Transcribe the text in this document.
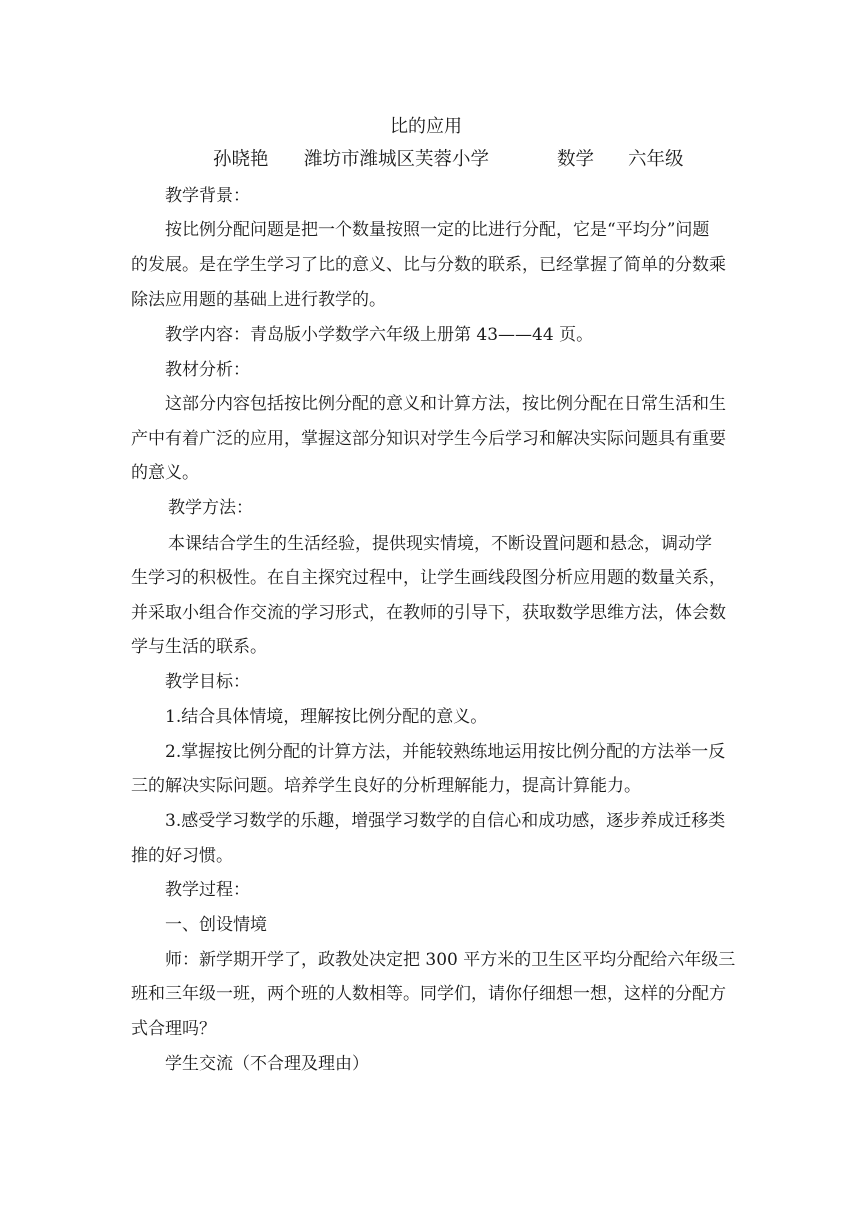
比的应用

孙晓艳 潍坊市潍城区芙蓉小学	数学 六年级

教学背景：

按比例分配问题是把一个数量按照一定的比进行分配，它是“平均分”问题

的发展。是在学生学习了比的意义、比与分数的联系，已经掌握了简单的分数乘

除法应用题的基础上进行教学的。

教学内容：青岛版小学数学六年级上册第 43——44 页。

教材分析：

这部分内容包括按比例分配的意义和计算方法，按比例分配在日常生活和生

产中有着广泛的应用，掌握这部分知识对学生今后学习和解决实际问题具有重要

的意义。

教学方法：

本课结合学生的生活经验，提供现实情境，不断设置问题和悬念，调动学

生学习的积极性。在自主探究过程中，让学生画线段图分析应用题的数量关系，

并采取小组合作交流的学习形式，在教师的引导下，获取数学思维方法，体会数

学与生活的联系。

教学目标：

1.结合具体情境，理解按比例分配的意义。

2.掌握按比例分配的计算方法，并能较熟练地运用按比例分配的方法举一反

三的解决实际问题。培养学生良好的分析理解能力，提高计算能力。

3.感受学习数学的乐趣，增强学习数学的自信心和成功感，逐步养成迁移类

推的好习惯。

教学过程：

一、创设情境

师：新学期开学了，政教处决定把 300 平方米的卫生区平均分配给六年级三

班和三年级一班，两个班的人数相等。同学们，请你仔细想一想，这样的分配方

式合理吗？

学生交流（不合理及理由）
